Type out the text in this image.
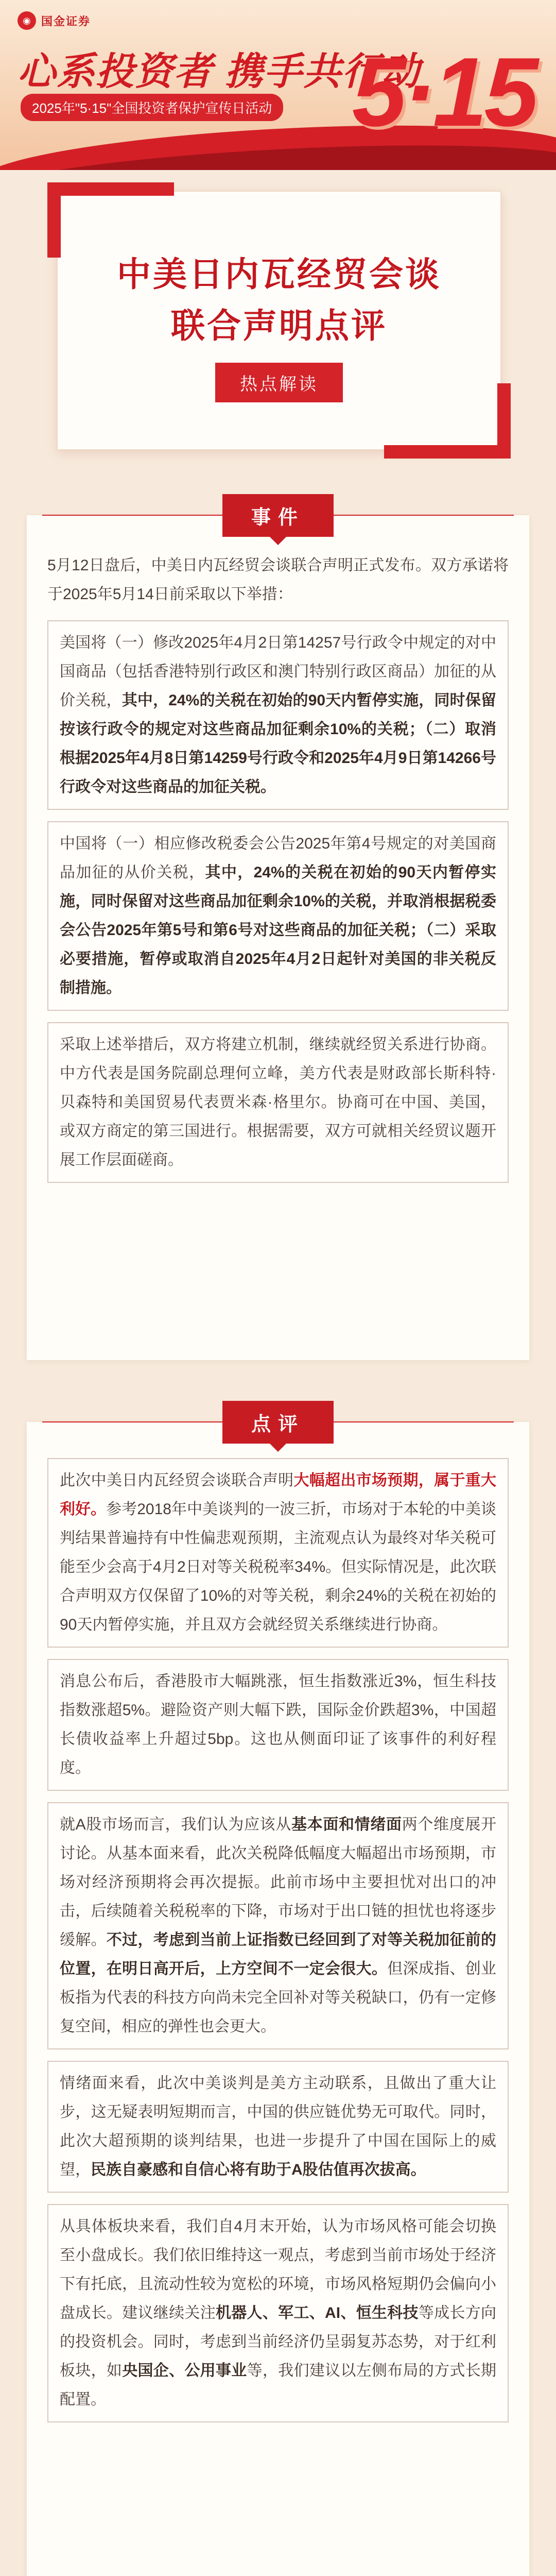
◉ 国金证券
心系投资者 携手共行动
2025年"5·15"全国投资者保护宣传日活动 5·15
中美日内瓦经贸会谈
联合声明点评
热点解读
事件

5月12日盘后，中美日内瓦经贸会谈联合声明正式发布。双方承诺将于2025年5月14日前采取以下举措：

美国将（一）修改2025年4月2日第14257号行政令中规定的对中国商品（包括香港特别行政区和澳门特别行政区商品）加征的从价关税，其中，24%的关税在初始的90天内暂停实施，同时保留按该行政令的规定对这些商品加征剩余10%的关税；（二）取消根据2025年4月8日第14259号行政令和2025年4月9日第14266号行政令对这些商品的加征关税。

中国将（一）相应修改税委会公告2025年第4号规定的对美国商品加征的从价关税，其中，24%的关税在初始的90天内暂停实施，同时保留对这些商品加征剩余10%的关税，并取消根据税委会公告2025年第5号和第6号对这些商品的加征关税；（二）采取必要措施，暂停或取消自2025年4月2日起针对美国的非关税反制措施。

采取上述举措后，双方将建立机制，继续就经贸关系进行协商。中方代表是国务院副总理何立峰，美方代表是财政部长斯科特·贝森特和美国贸易代表贾米森·格里尔。协商可在中国、美国，或双方商定的第三国进行。根据需要，双方可就相关经贸议题开展工作层面磋商。

点评

此次中美日内瓦经贸会谈联合声明大幅超出市场预期，属于重大利好。参考2018年中美谈判的一波三折，市场对于本轮的中美谈判结果普遍持有中性偏悲观预期，主流观点认为最终对华关税可能至少会高于4月2日对等关税税率34%。但实际情况是，此次联合声明双方仅保留了10%的对等关税，剩余24%的关税在初始的90天内暂停实施，并且双方会就经贸关系继续进行协商。

消息公布后，香港股市大幅跳涨，恒生指数涨近3%，恒生科技指数涨超5%。避险资产则大幅下跌，国际金价跌超3%，中国超长债收益率上升超过5bp。这也从侧面印证了该事件的利好程度。

就A股市场而言，我们认为应该从基本面和情绪面两个维度展开讨论。从基本面来看，此次关税降低幅度大幅超出市场预期，市场对经济预期将会再次提振。此前市场中主要担忧对出口的冲击，后续随着关税税率的下降，市场对于出口链的担忧也将逐步缓解。不过，考虑到当前上证指数已经回到了对等关税加征前的位置，在明日高开后，上方空间不一定会很大。但深成指、创业板指为代表的科技方向尚未完全回补对等关税缺口，仍有一定修复空间，相应的弹性也会更大。

情绪面来看，此次中美谈判是美方主动联系，且做出了重大让步，这无疑表明短期而言，中国的供应链优势无可取代。同时，此次大超预期的谈判结果，也进一步提升了中国在国际上的威望，民族自豪感和自信心将有助于A股估值再次拔高。

从具体板块来看，我们自4月末开始，认为市场风格可能会切换至小盘成长。我们依旧维持这一观点，考虑到当前市场处于经济下有托底，且流动性较为宽松的环境，市场风格短期仍会偏向小盘成长。建议继续关注机器人、军工、AI、恒生科技等成长方向的投资机会。同时，考虑到当前经济仍呈弱复苏态势，对于红利板块，如央国企、公用事业等，我们建议以左侧布局的方式长期配置。
